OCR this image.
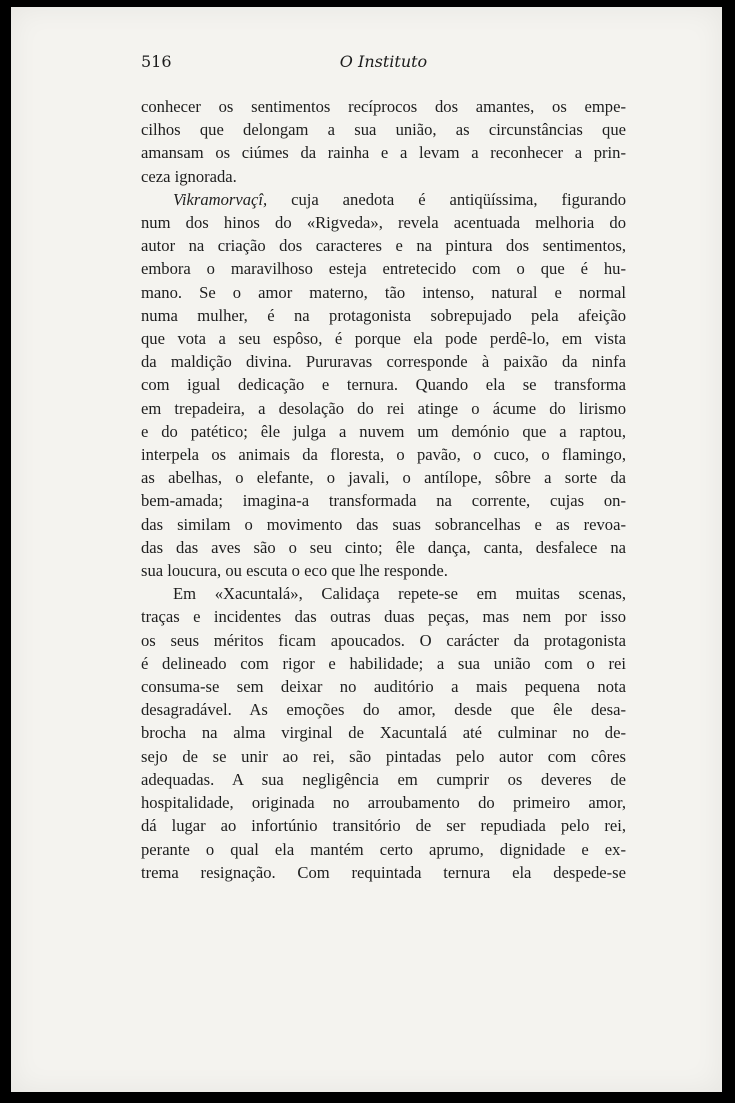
516	O Instituto

conhecer os sentimentos recíprocos dos amantes, os empe-
cilhos que delongam a sua união, as circunstâncias que
amansam os ciúmes da rainha e a levam a reconhecer a prin-
ceza ignorada.

Vikramorvaçî, cuja anedota é antiqüíssima, figurando
num dos hinos do «Rigveda», revela acentuada melhoria do
autor na criação dos caracteres e na pintura dos sentimentos,
embora o maravilhoso esteja entretecido com o que é hu-
mano. Se o amor materno, tão intenso, natural e normal
numa mulher, é na protagonista sobrepujado pela afeição
que vota a seu espôso, é porque ela pode perdê-lo, em vista
da maldição divina. Pururavas corresponde à paixão da ninfa
com igual dedicação e ternura. Quando ela se transforma
em trepadeira, a desolação do rei atinge o ácume do lirismo
e do patético; êle julga a nuvem um demónio que a raptou,
interpela os animais da floresta, o pavão, o cuco, o flamingo,
as abelhas, o elefante, o javali, o antílope, sôbre a sorte da
bem-amada; imagina-a transformada na corrente, cujas on-
das similam o movimento das suas sobrancelhas e as revoa-
das das aves são o seu cinto; êle dança, canta, desfalece na
sua loucura, ou escuta o eco que lhe responde.

Em «Xacuntalá», Calidaça repete-se em muitas scenas,
traças e incidentes das outras duas peças, mas nem por isso
os seus méritos ficam apoucados. O carácter da protagonista
é delineado com rigor e habilidade; a sua união com o rei
consuma-se sem deixar no auditório a mais pequena nota
desagradável. As emoções do amor, desde que êle desa-
brocha na alma virginal de Xacuntalá até culminar no de-
sejo de se unir ao rei, são pintadas pelo autor com côres
adequadas. A sua negligência em cumprir os deveres de
hospitalidade, originada no arroubamento do primeiro amor,
dá lugar ao infortúnio transitório de ser repudiada pelo rei,
perante o qual ela mantém certo aprumo, dignidade e ex-
trema resignação. Com requintada ternura ela despede-se
